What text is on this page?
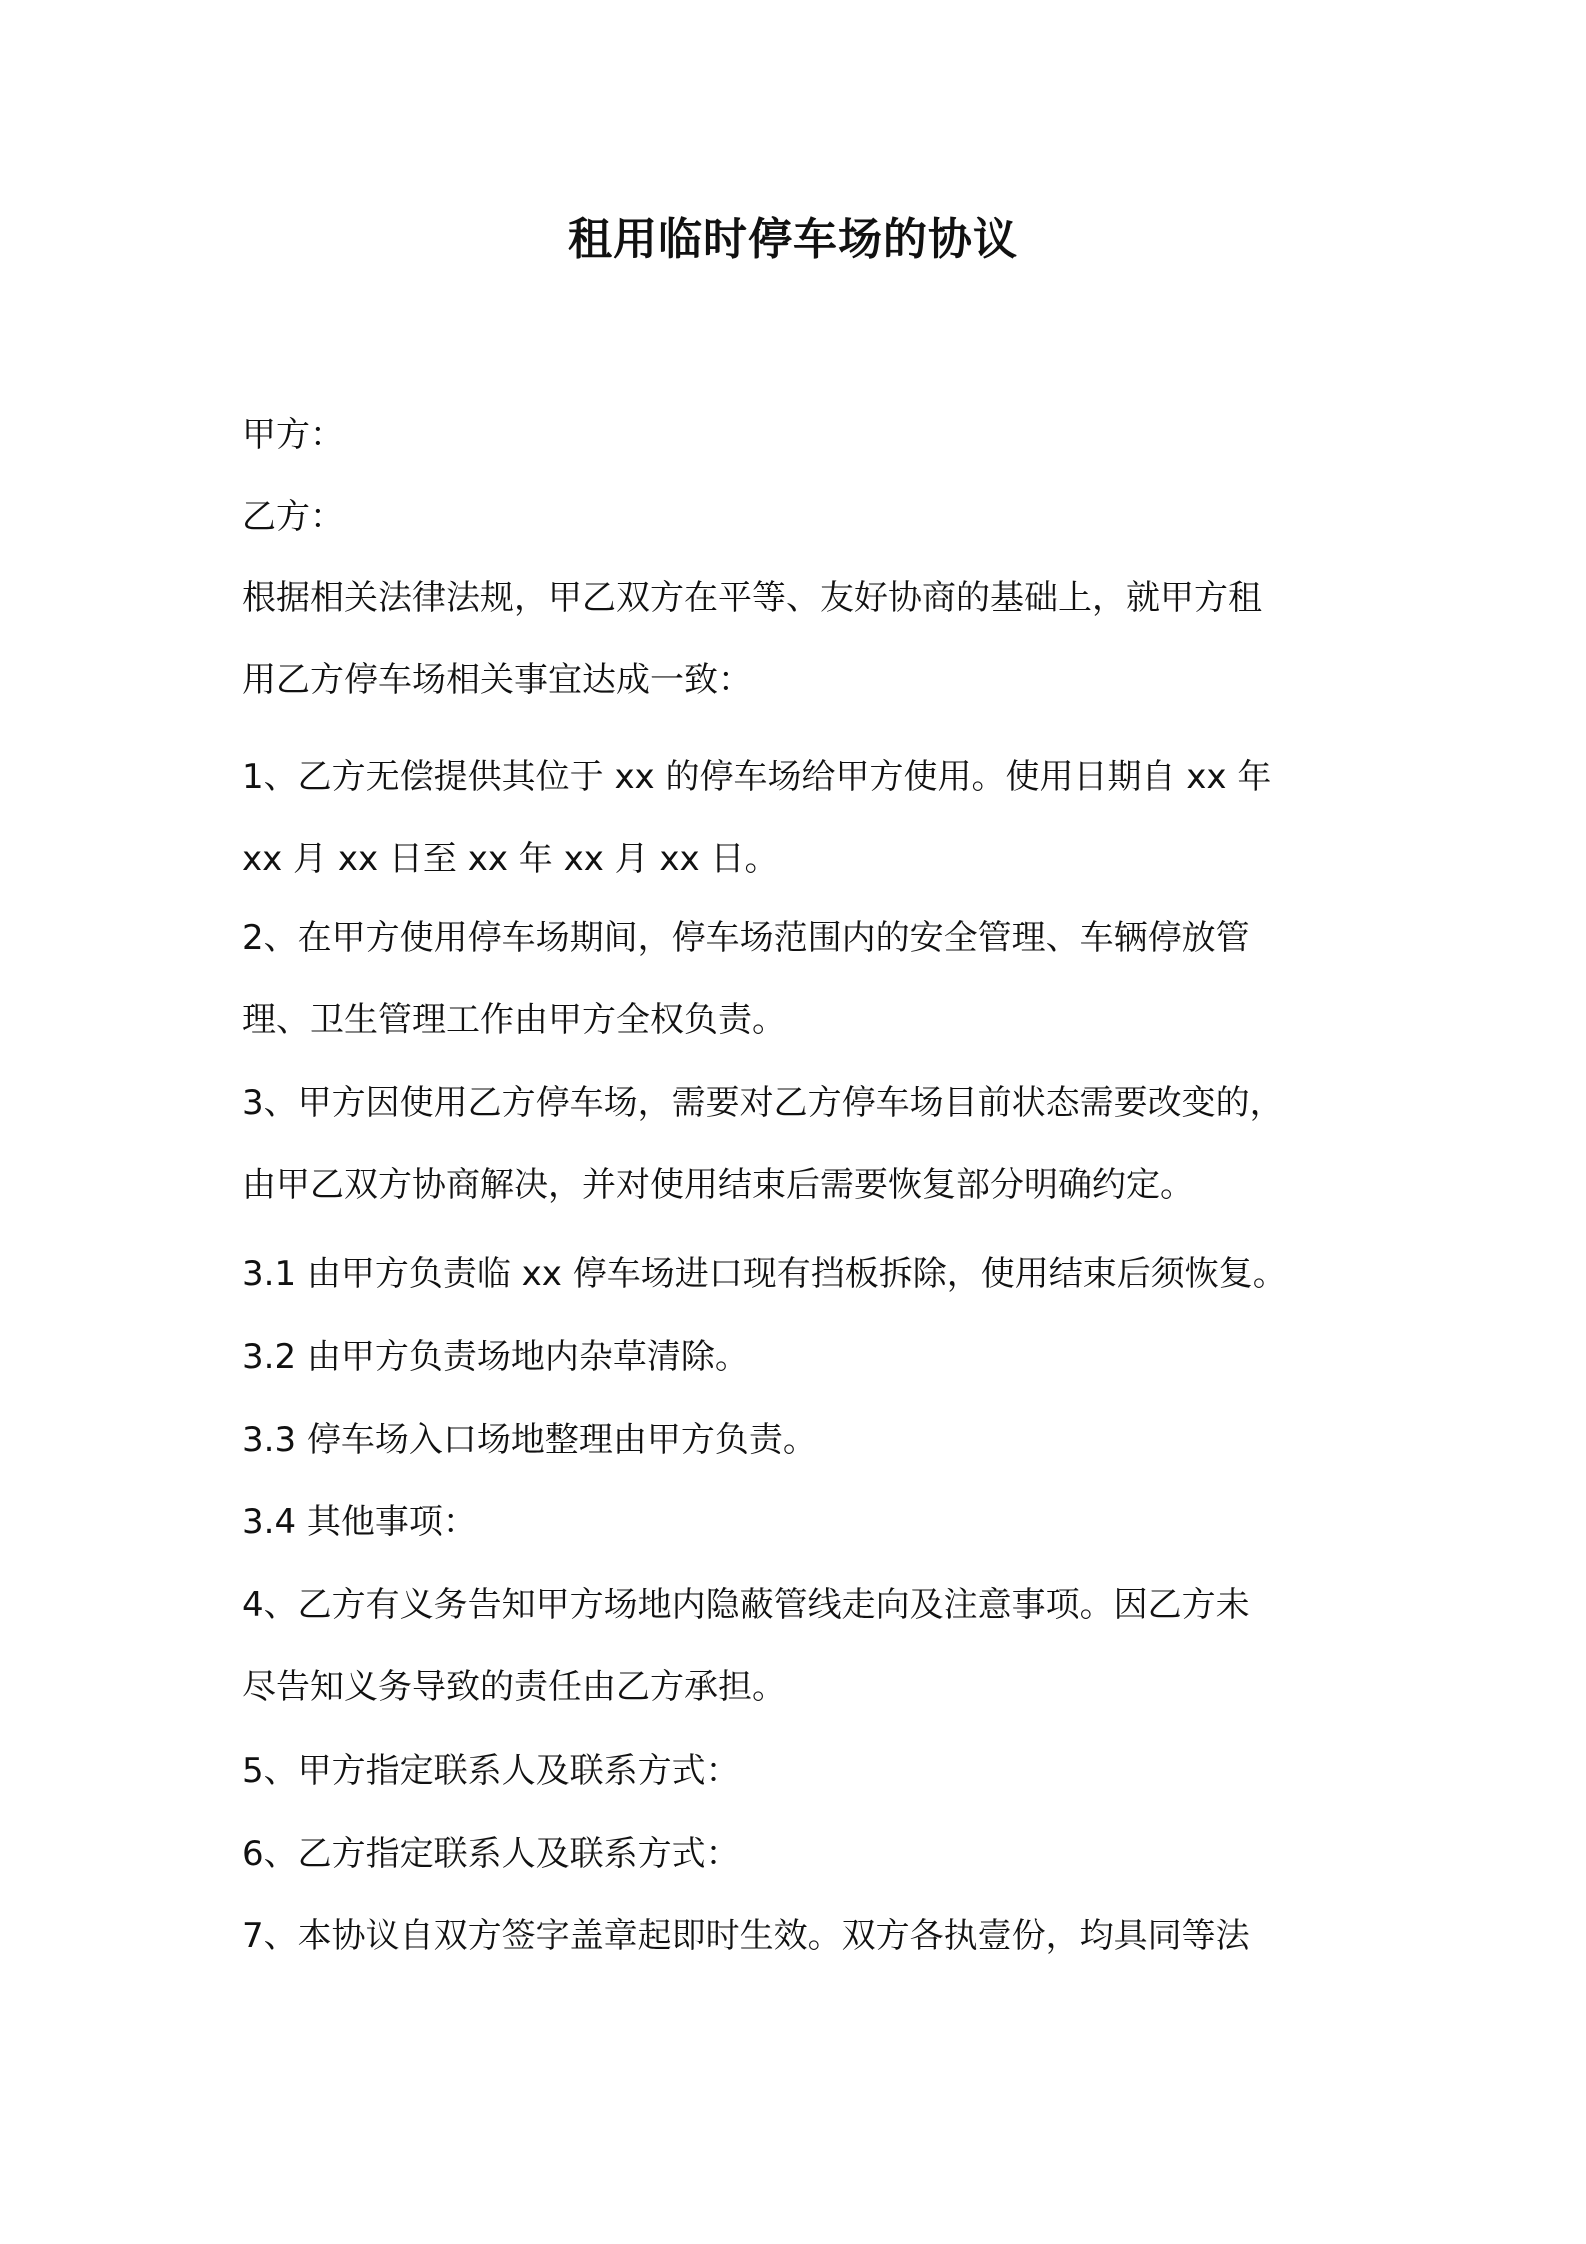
租用临时停车场的协议

甲方：

乙方：

根据相关法律法规，甲乙双方在平等、友好协商的基础上，就甲方租
用乙方停车场相关事宜达成一致：
1、乙方无偿提供其位于 xx 的停车场给甲方使用。使用日期自 xx 年
xx 月 xx 日至 xx 年 xx 月 xx 日。
2、在甲方使用停车场期间，停车场范围内的安全管理、车辆停放管
理、卫生管理工作由甲方全权负责。
3、甲方因使用乙方停车场，需要对乙方停车场目前状态需要改变的，
由甲乙双方协商解决，并对使用结束后需要恢复部分明确约定。

3.1 由甲方负责临 xx 停车场进口现有挡板拆除，使用结束后须恢复。

3.2 由甲方负责场地内杂草清除。

3.3 停车场入口场地整理由甲方负责。

3.4 其他事项：

4、乙方有义务告知甲方场地内隐蔽管线走向及注意事项。因乙方未
尽告知义务导致的责任由乙方承担。

5、甲方指定联系人及联系方式：

6、乙方指定联系人及联系方式：

7、本协议自双方签字盖章起即时生效。双方各执壹份，均具同等法
